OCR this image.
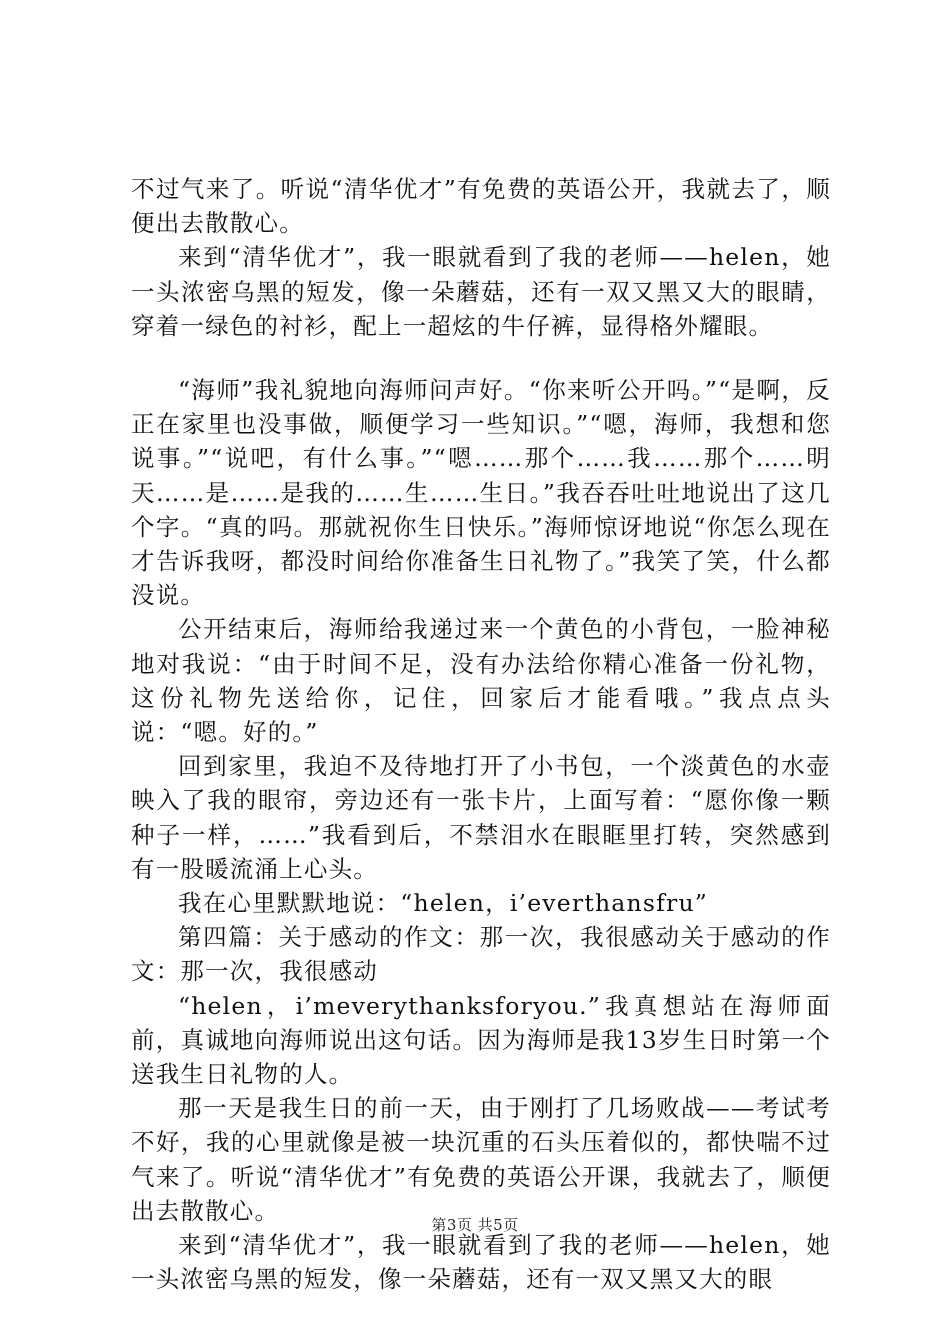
不过气来了。听说“清华优才”有免费的英语公开，我就去了，顺便出去散散心。

来到“清华优才”，我一眼就看到了我的老师——helen，她一头浓密乌黑的短发，像一朵蘑菇，还有一双又黑又大的眼睛，穿着一绿色的衬衫，配上一超炫的牛仔裤，显得格外耀眼。

“海师”我礼貌地向海师问声好。“你来听公开吗。”“是啊，反正在家里也没事做，顺便学习一些知识。”“嗯，海师，我想和您说事。”“说吧，有什么事。”“嗯……那个……我……那个……明天……是……是我的……生……生日。”我吞吞吐吐地说出了这几个字。“真的吗。那就祝你生日快乐。”海师惊讶地说“你怎么现在才告诉我呀，都没时间给你准备生日礼物了。”我笑了笑，什么都没说。

公开结束后，海师给我递过来一个黄色的小背包，一脸神秘地对我说：“由于时间不足，没有办法给你精心准备一份礼物，这份礼物先送给你，记住，回家后才能看哦。”我点点头说：“嗯。好的。”

回到家里，我迫不及待地打开了小书包，一个淡黄色的水壶映入了我的眼帘，旁边还有一张卡片，上面写着：“愿你像一颗种子一样，……”我看到后，不禁泪水在眼眶里打转，突然感到有一股暖流涌上心头。

我在心里默默地说：“helen，i’everthansfru”

第四篇：关于感动的作文：那一次，我很感动关于感动的作文：那一次，我很感动

“helen，i’meverythanksforyou.”我真想站在海师面前，真诚地向海师说出这句话。因为海师是我13岁生日时第一个送我生日礼物的人。

那一天是我生日的前一天，由于刚打了几场败战——考试考不好，我的心里就像是被一块沉重的石头压着似的，都快喘不过气来了。听说“清华优才”有免费的英语公开课，我就去了，顺便出去散散心。

来到“清华优才”，我一眼就看到了我的老师——helen，她一头浓密乌黑的短发，像一朵蘑菇，还有一双又黑又大的眼

第3页 共5页
